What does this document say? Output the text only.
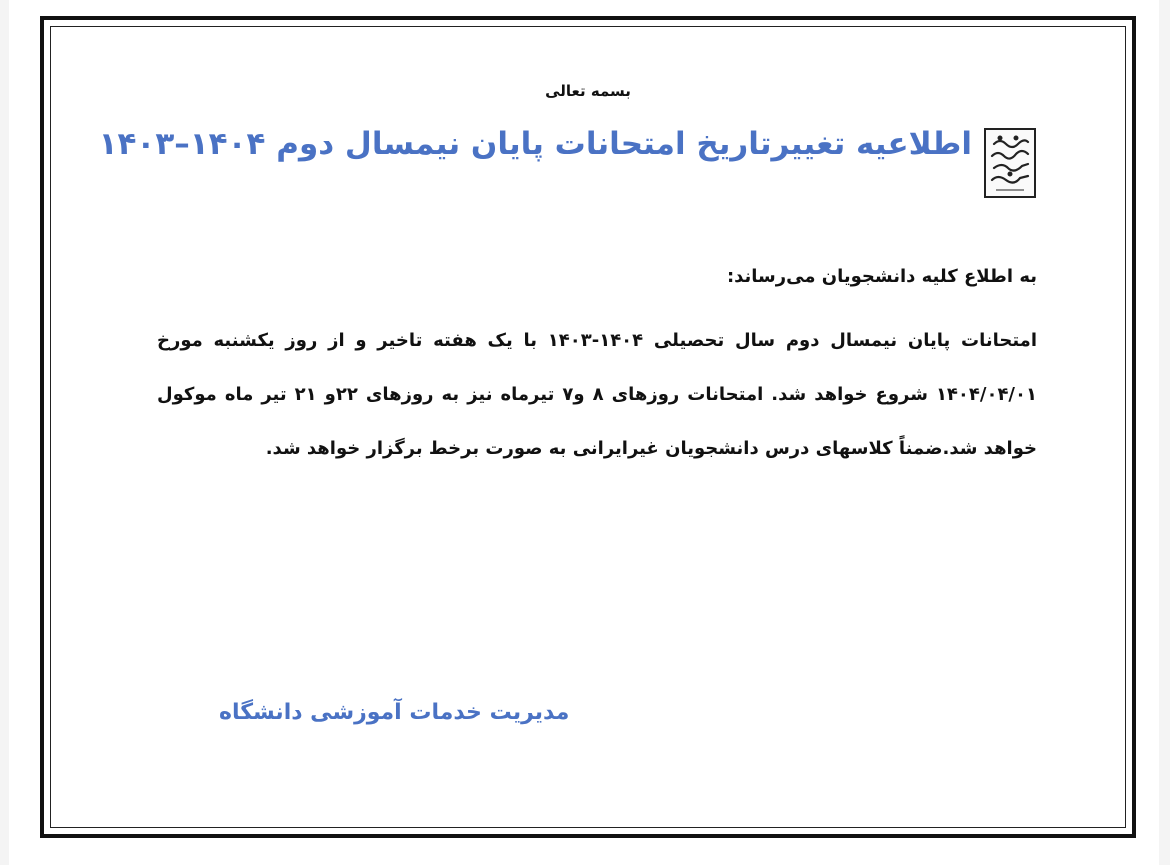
بسمه تعالی
اطلاعیه تغییرتاریخ امتحانات پایان نیمسال دوم ۱۴۰۴–۱۴۰۳

به اطلاع کلیه دانشجویان می‌رساند:

امتحانات پایان نیمسال دوم سال تحصیلی ۱۴۰۴-۱۴۰۳ با یک هفته تاخیر و از روز یکشنبه مورخ ۱۴۰۴/۰۴/۰۱ شروع خواهد شد. امتحانات روزهای ۸ و۷ تیرماه نیز به روزهای ۲۲و ۲۱ تیر ماه موکول خواهد شد.ضمناً کلاسهای درس دانشجویان غیرایرانی به صورت برخط برگزار خواهد شد.

مدیریت خدمات آموزشی دانشگاه
